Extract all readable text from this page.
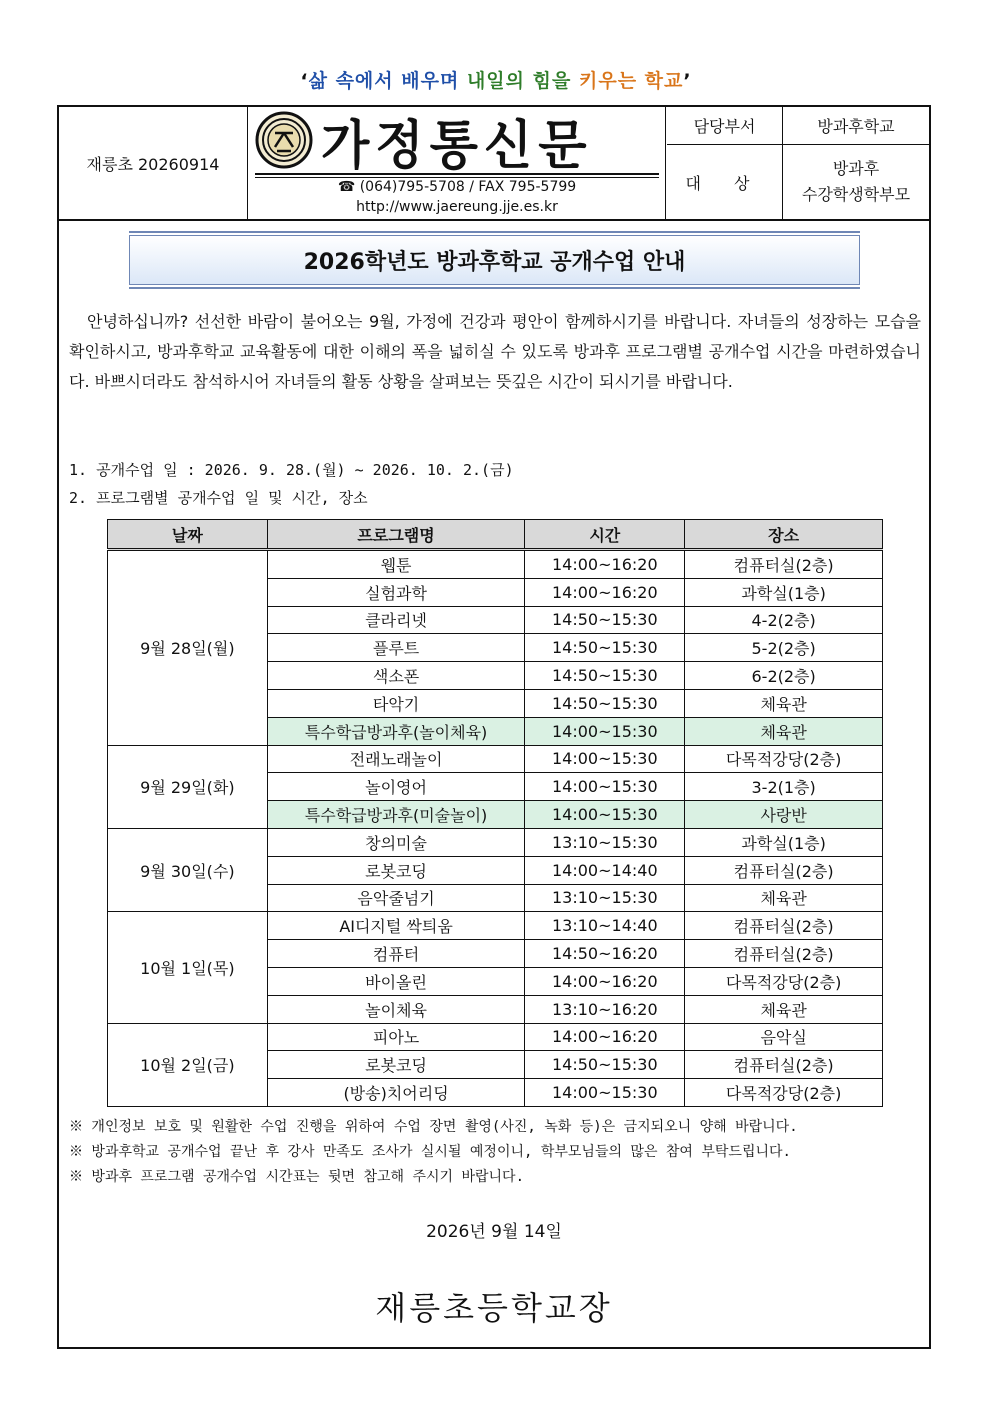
‘삶 속에서 배우며 내일의 힘을 키우는 학교’
재릉초 20260914	가정통신문
☎ (064)795-5708 / FAX 795-5799
http://www.jaereung.jje.es.kr
담당부서	방과후학교
대 상
방과후
수강학생학부모
2026학년도 방과후학교 공개수업 안내
안녕하십니까? 선선한 바람이 불어오는 9월, 가정에 건강과 평안이 함께하시기를 바랍니다. 자녀들의 성장하는 모습을 확인하시고, 방과후학교 교육활동에 대한 이해의 폭을 넓히실 수 있도록 방과후 프로그램별 공개수업 시간을 마련하였습니다. 바쁘시더라도 참석하시어 자녀들의 활동 상황을 살펴보는 뜻깊은 시간이 되시기를 바랍니다.
1. 공개수업 일 : 2026. 9. 28.(월) ~ 2026. 10. 2.(금)
2. 프로그램별 공개수업 일 및 시간, 장소
날짜	프로그램명	시간	장소
9월 28일(월)	웹툰	14:00~16:20	컴퓨터실(2층)
	실험과학	14:00~16:20	과학실(1층)
	클라리넷	14:50~15:30	4-2(2층)
	플루트	14:50~15:30	5-2(2층)
	색소폰	14:50~15:30	6-2(2층)
	타악기	14:50~15:30	체육관
	특수학급방과후(놀이체육)	14:00~15:30	체육관
9월 29일(화)	전래노래놀이	14:00~15:30	다목적강당(2층)
	놀이영어	14:00~15:30	3-2(1층)
	특수학급방과후(미술놀이)	14:00~15:30	사랑반
9월 30일(수)	창의미술	13:10~15:30	과학실(1층)
	로봇코딩	14:00~14:40	컴퓨터실(2층)
	음악줄넘기	13:10~15:30	체육관
10월 1일(목)	AI디지털 싹틔움	13:10~14:40	컴퓨터실(2층)
	컴퓨터	14:50~16:20	컴퓨터실(2층)
	바이올린	14:00~16:20	다목적강당(2층)
	놀이체육	13:10~16:20	체육관
10월 2일(금)	피아노	14:00~16:20	음악실
	로봇코딩	14:50~15:30	컴퓨터실(2층)
	(방송)치어리딩	14:00~15:30	다목적강당(2층)
※ 개인정보 보호 및 원활한 수업 진행을 위하여 수업 장면 촬영(사진, 녹화 등)은 금지되오니 양해 바랍니다.
※ 방과후학교 공개수업 끝난 후 강사 만족도 조사가 실시될 예정이니, 학부모님들의 많은 참여 부탁드립니다.
※ 방과후 프로그램 공개수업 시간표는 뒷면 참고해 주시기 바랍니다.
2026년 9월 14일
재릉초등학교장
